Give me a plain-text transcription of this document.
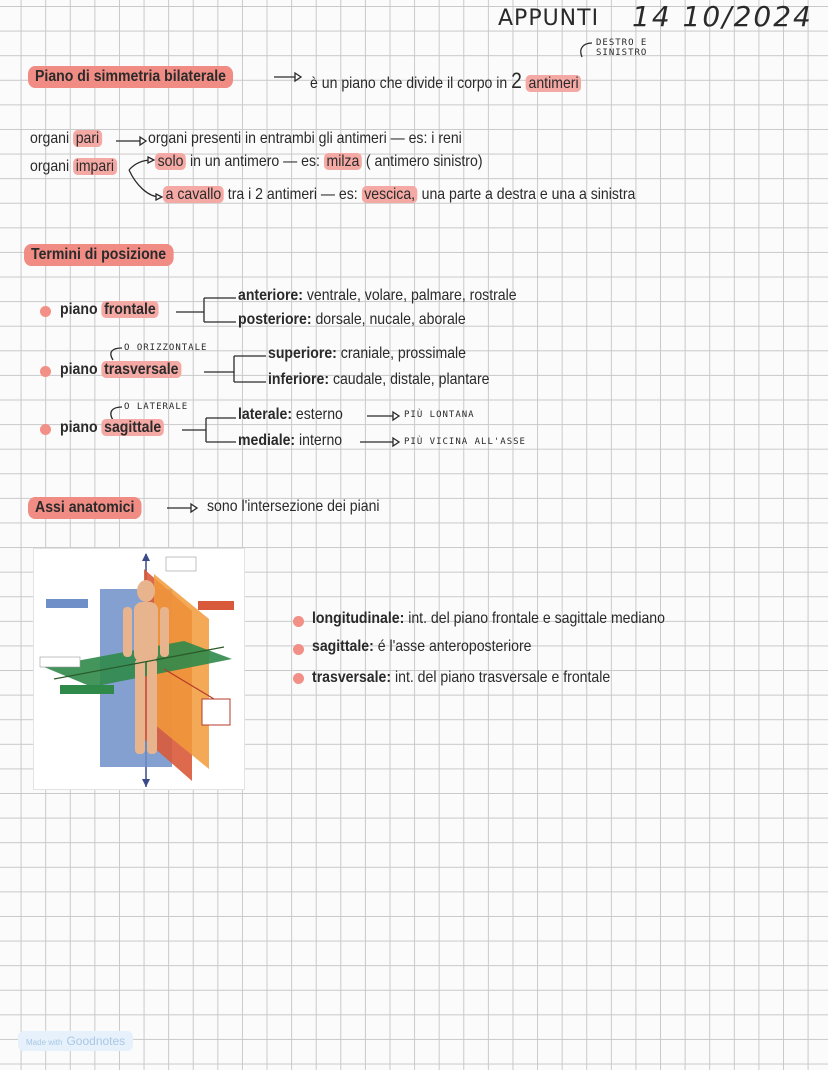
APPUNTI 14 10/2024
Piano di simmetria bilaterale	è un piano che divide il corpo in 2 antimeri
DESTRO E
SINISTRO
organi pari	organi presenti in entrambi gli antimeri — es: i reni
organi impari	solo in un antimero — es: milza ( antimero sinistro)
a cavallo tra i 2 antimeri — es: vescica, una parte a destra e una a sinistra
Termini di posizione
piano frontale
anteriore: ventrale, volare, palmare, rostrale
posteriore: dorsale, nucale, aborale
O ORIZZONTALE
piano trasversale
superiore: craniale, prossimale
inferiore: caudale, distale, plantare
O LATERALE
piano sagittale
laterale: esterno	PIÙ LONTANA
mediale: interno	PIÙ VICINA ALL'ASSE
Assi anatomici	sono l'intersezione dei piani
longitudinale: int. del piano frontale e sagittale mediano
sagittale: é l'asse anteroposteriore
trasversale: int. del piano trasversale e frontale
Made with Goodnotes
